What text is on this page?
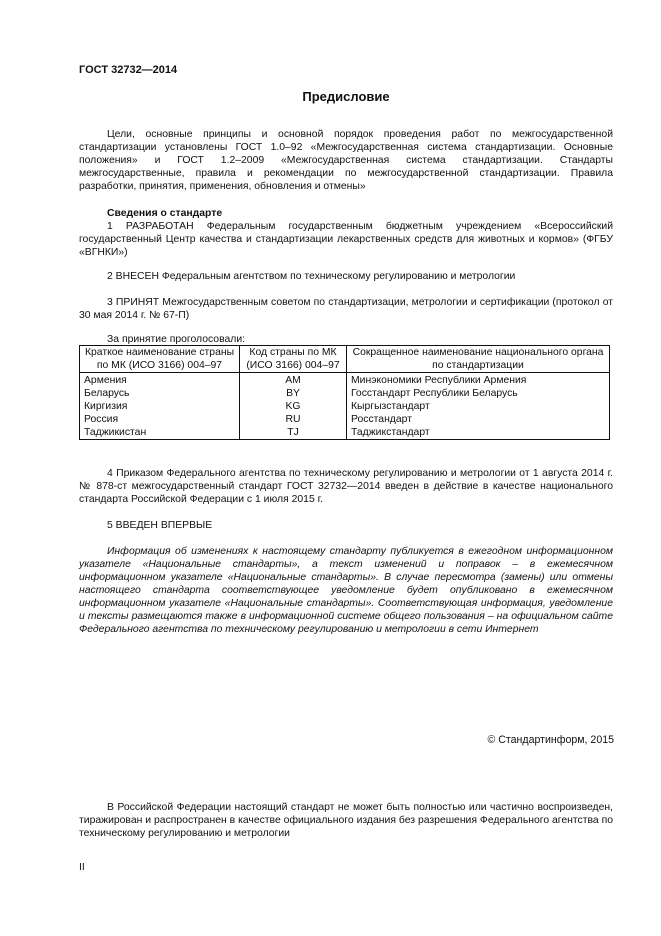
ГОСТ 32732—2014
Предисловие
Цели, основные принципы и основной порядок проведения работ по межгосударственной стандартизации установлены ГОСТ 1.0–92 «Межгосударственная система стандартизации. Основные положения» и ГОСТ 1.2–2009 «Межгосударственная система стандартизации. Стандарты межгосударственные, правила и рекомендации по межгосударственной стандартизации. Правила разработки, принятия, применения, обновления и отмены»
Сведения о стандарте
1 РАЗРАБОТАН Федеральным государственным бюджетным учреждением «Всероссийский государственный Центр качества и стандартизации лекарственных средств для животных и кормов» (ФГБУ «ВГНКИ»)
2 ВНЕСЕН Федеральным агентством по техническому регулированию и метрологии
3 ПРИНЯТ Межгосударственным советом по стандартизации, метрологии и сертификации (протокол от 30 мая 2014 г. № 67-П)
За принятие проголосовали:
Краткое наименование страны по МК (ИСО 3166) 004–97	Код страны по МК (ИСО 3166) 004–97	Сокращенное наименование национального органа по стандартизации
Армения	AM	Минэкономики Республики Армения
Беларусь	BY	Госстандарт Республики Беларусь
Киргизия	KG	Кыргызстандарт
Россия	RU	Росстандарт
Таджикистан	TJ	Таджикстандарт
4 Приказом Федерального агентства по техническому регулированию и метрологии от 1 августа 2014 г. № 878-ст межгосударственный стандарт ГОСТ 32732—2014 введен в действие в качестве национального стандарта Российской Федерации с 1 июля 2015 г.
5 ВВЕДЕН ВПЕРВЫЕ
Информация об изменениях к настоящему стандарту публикуется в ежегодном информационном указателе «Национальные стандарты», а текст изменений и поправок – в ежемесячном информационном указателе «Национальные стандарты». В случае пересмотра (замены) или отмены настоящего стандарта соответствующее уведомление будет опубликовано в ежемесячном информационном указателе «Национальные стандарты». Соответствующая информация, уведомление и тексты размещаются также в информационной системе общего пользования – на официальном сайте Федерального агентства по техническому регулированию и метрологии в сети Интернет
© Стандартинформ, 2015
В Российской Федерации настоящий стандарт не может быть полностью или частично воспроизведен, тиражирован и распространен в качестве официального издания без разрешения Федерального агентства по техническому регулированию и метрологии
II
